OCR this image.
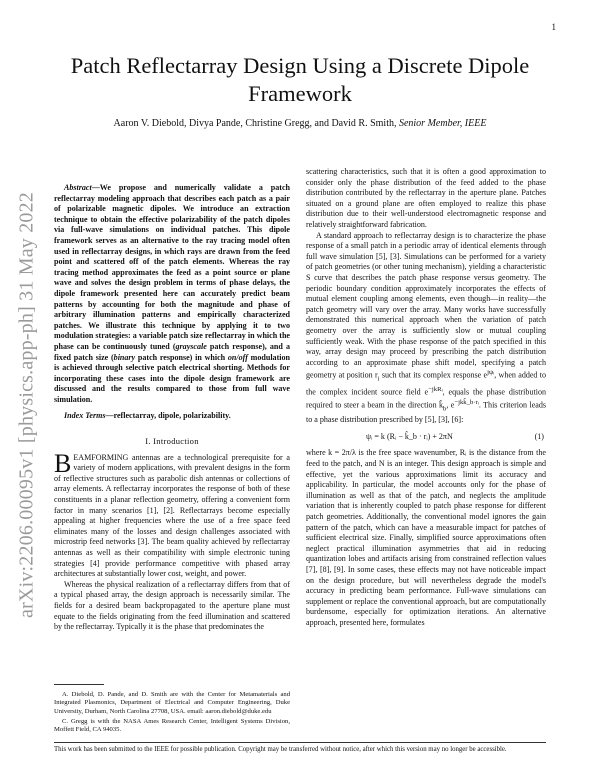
1
arXiv:2206.00095v1 [physics.app-ph] 31 May 2022
Patch Reflectarray Design Using a Discrete Dipole Framework
Aaron V. Diebold, Divya Pande, Christine Gregg, and David R. Smith, Senior Member, IEEE

Abstract—We propose and numerically validate a patch reflectarray modeling approach that describes each patch as a pair of polarizable magnetic dipoles. We introduce an extraction technique to obtain the effective polarizability of the patch dipoles via full-wave simulations on individual patches. This dipole framework serves as an alternative to the ray tracing model often used in reflectarray designs, in which rays are drawn from the feed point and scattered off of the patch elements. Whereas the ray tracing method approximates the feed as a point source or plane wave and solves the design problem in terms of phase delays, the dipole framework presented here can accurately predict beam patterns by accounting for both the magnitude and phase of arbitrary illumination patterns and empirically characterized patches. We illustrate this technique by applying it to two modulation strategies: a variable patch size reflectarray in which the phase can be continuously tuned (grayscale patch response), and a fixed patch size (binary patch response) in which on/off modulation is achieved through selective patch electrical shorting. Methods for incorporating these cases into the dipole design framework are discussed and the results compared to those from full wave simulation.

Index Terms—reflectarray, dipole, polarizability.

I. Introduction

BEAMFORMING antennas are a technological prerequisite for a variety of modern applications, with prevalent designs in the form of reflective structures such as parabolic dish antennas or collections of array elements. A reflectarray incorporates the response of both of these constituents in a planar reflection geometry, offering a convenient form factor in many scenarios [1], [2]. Reflectarrays become especially appealing at higher frequencies where the use of a free space feed eliminates many of the losses and design challenges associated with microstrip feed networks [3]. The beam quality achieved by reflectarray antennas as well as their compatibility with simple electronic tuning strategies [4] provide performance competitive with phased array architectures at substantially lower cost, weight, and power.

Whereas the physical realization of a reflectarray differs from that of a typical phased array, the design approach is necessarily similar. The fields for a desired beam backpropagated to the aperture plane must equate to the fields originating from the feed illumination and scattered by the reflectarray. Typically it is the phase that predominates the

scattering characteristics, such that it is often a good approximation to consider only the phase distribution of the feed added to the phase distribution contributed by the reflectarray in the aperture plane. Patches situated on a ground plane are often employed to realize this phase distribution due to their well-understood electromagnetic response and relatively straightforward fabrication.

A standard approach to reflectarray design is to characterize the phase response of a small patch in a periodic array of identical elements through full wave simulation [5], [3]. Simulations can be performed for a variety of patch geometries (or other tuning mechanism), yielding a characteristic S curve that describes the patch phase response versus geometry. The periodic boundary condition approximately incorporates the effects of mutual element coupling among elements, even though—in reality—the patch geometry will vary over the array. Many works have successfully demonstrated this numerical approach when the variation of patch geometry over the array is sufficiently slow or mutual coupling sufficiently weak. With the phase response of the patch specified in this way, array design may proceed by prescribing the patch distribution according to an approximate phase shift model, specifying a patch geometry at position $r_i$ such that its complex response $e^{j\psi ᵢ}$, when added to the complex incident source field $e^{-jkRᵢ}$, equals the phase distribution required to steer a beam in the direction $k̂_b$, $e^{-jkk̂\_b\cdot rᵢ}$. This criterion leads to a phase distribution prescribed by [5], [3], [6]:

ψᵢ = k (Rᵢ − k̂_b · rᵢ) + 2πN	(1)

where k = 2π/λ is the free space wavenumber, Rᵢ is the distance from the feed to the patch, and N is an integer. This design approach is simple and effective, yet the various approximations limit its accuracy and applicability. In particular, the model accounts only for the phase of illumination as well as that of the patch, and neglects the amplitude variation that is inherently coupled to patch phase response for different patch geometries. Additionally, the conventional model ignores the gain pattern of the patch, which can have a measurable impact for patches of sufficient electrical size. Finally, simplified source approximations often neglect practical illumination asymmetries that aid in reducing quantization lobes and artifacts arising from constrained reflection values [7], [8], [9]. In some cases, these effects may not have noticeable impact on the design procedure, but will nevertheless degrade the model's accuracy in predicting beam performance. Full-wave simulations can supplement or replace the conventional approach, but are computationally burdensome, especially for optimization iterations. An alternative approach, presented here, formulates

A. Diebold, D. Pande, and D. Smith are with the Center for Metamaterials and Integrated Plasmonics, Department of Electrical and Computer Engineering, Duke University, Durham, North Carolina 27708, USA. email: aaron.diebold@duke.edu

C. Gregg is with the NASA Ames Research Center, Intelligent Systems Division, Moffett Field, CA 94035.

This work has been submitted to the IEEE for possible publication. Copyright may be transferred without notice, after which this version may no longer be accessible.
